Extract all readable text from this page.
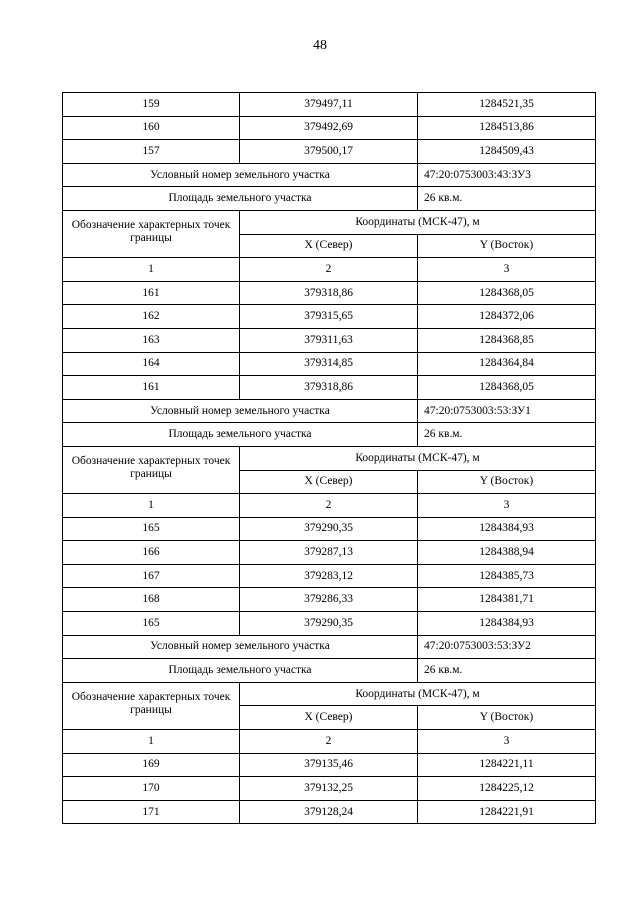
48
159	379497,11	1284521,35
160	379492,69	1284513,86
157	379500,17	1284509,43
Условный номер земельного участка		47:20:0753003:43:ЗУ3
Площадь земельного участка		26 кв.м.

Обозначение характерных точек границы	Координаты (МСК-47), м	
	X (Север)	Y (Восток)
1	2	3
161	379318,86	1284368,05
162	379315,65	1284372,06
163	379311,63	1284368,85
164	379314,85	1284364,84
161	379318,86	1284368,05
Условный номер земельного участка		47:20:0753003:53:ЗУ1
Площадь земельного участка		26 кв.м.

Обозначение характерных точек границы	Координаты (МСК-47), м	
	X (Север)	Y (Восток)
1	2	3
165	379290,35	1284384,93
166	379287,13	1284388,94
167	379283,12	1284385,73
168	379286,33	1284381,71
165	379290,35	1284384,93
Условный номер земельного участка		47:20:0753003:53:ЗУ2
Площадь земельного участка		26 кв.м.

Обозначение характерных точек границы	Координаты (МСК-47), м	
	X (Север)	Y (Восток)
1	2	3
169	379135,46	1284221,11
170	379132,25	1284225,12
171	379128,24	1284221,91
